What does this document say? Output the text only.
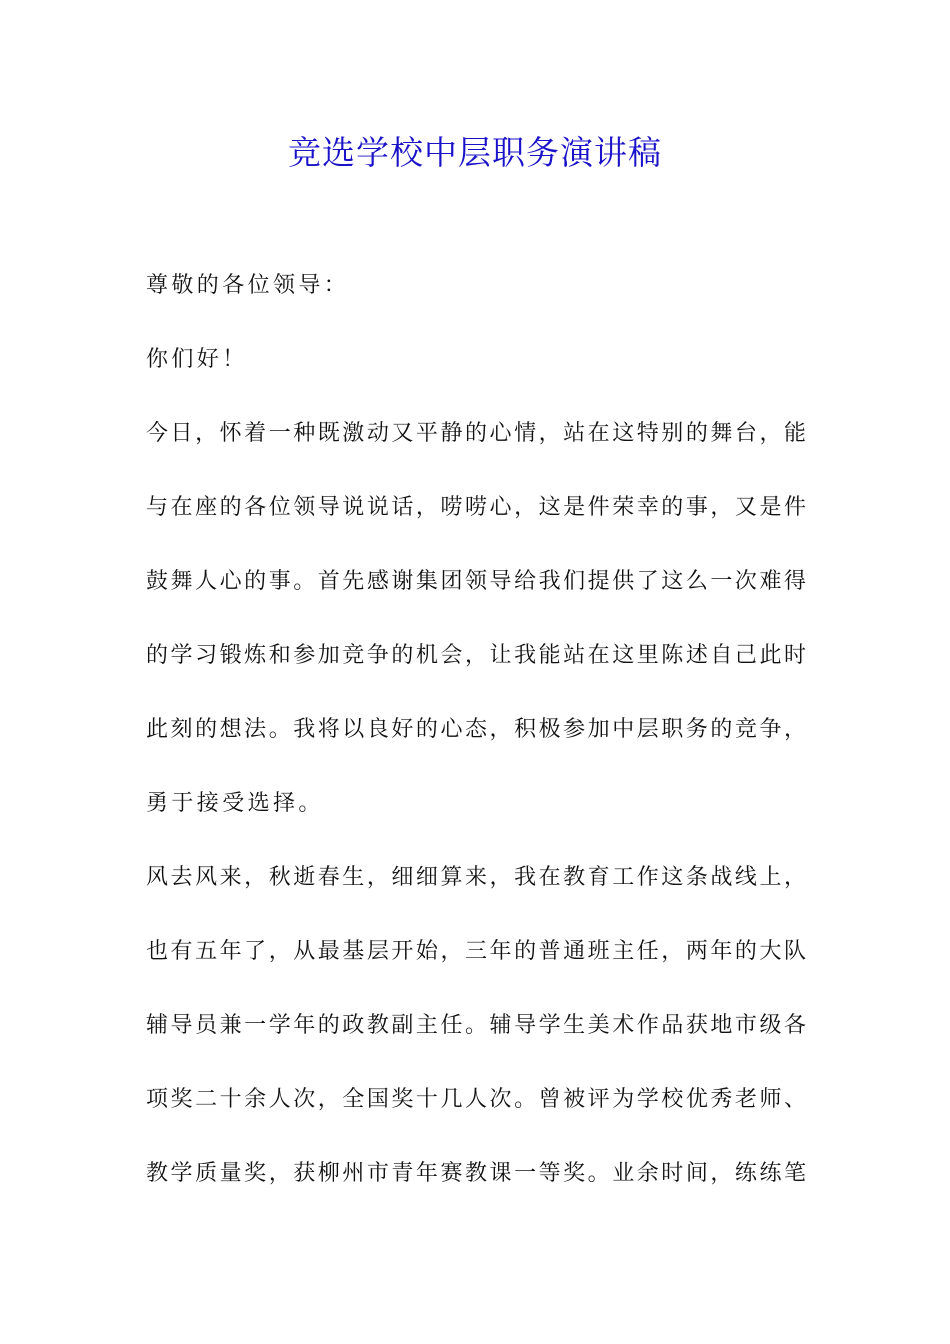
竞选学校中层职务演讲稿
尊敬的各位领导：
你们好！
今日，怀着一种既激动又平静的心情，站在这特别的舞台，能
与在座的各位领导说说话，唠唠心，这是件荣幸的事，又是件
鼓舞人心的事。首先感谢集团领导给我们提供了这么一次难得
的学习锻炼和参加竞争的机会，让我能站在这里陈述自己此时
此刻的想法。我将以良好的心态，积极参加中层职务的竞争，
勇于接受选择。
风去风来，秋逝春生，细细算来，我在教育工作这条战线上，
也有五年了，从最基层开始，三年的普通班主任，两年的大队
辅导员兼一学年的政教副主任。辅导学生美术作品获地市级各
项奖二十余人次，全国奖十几人次。曾被评为学校优秀老师、
教学质量奖，获柳州市青年赛教课一等奖。业余时间，练练笔
